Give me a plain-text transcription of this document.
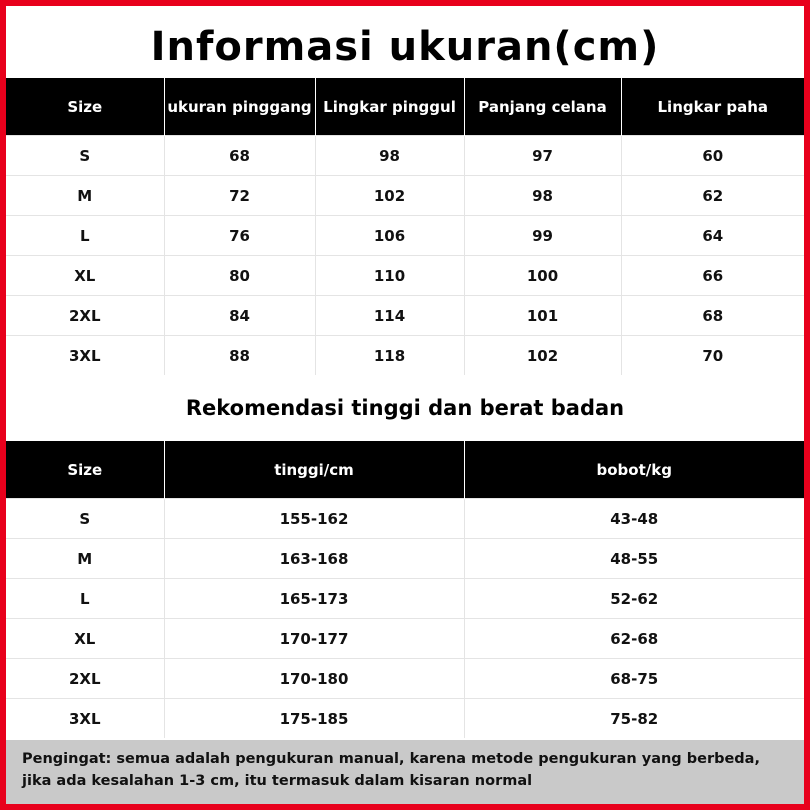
Informasi ukuran(cm)
Size	ukuran pinggang	Lingkar pinggul	Panjang celana	Lingkar paha
S	68	98	97	60
M	72	102	98	62
L	76	106	99	64
XL	80	110	100	66
2XL	84	114	101	68
3XL	88	118	102	70
Rekomendasi tinggi dan berat badan
Size	tinggi/cm	bobot/kg
S	155-162	43-48
M	163-168	48-55
L	165-173	52-62
XL	170-177	62-68
2XL	170-180	68-75
3XL	175-185	75-82
Pengingat: semua adalah pengukuran manual, karena metode pengukuran yang berbeda, jika ada kesalahan 1-3 cm, itu termasuk dalam kisaran normal
